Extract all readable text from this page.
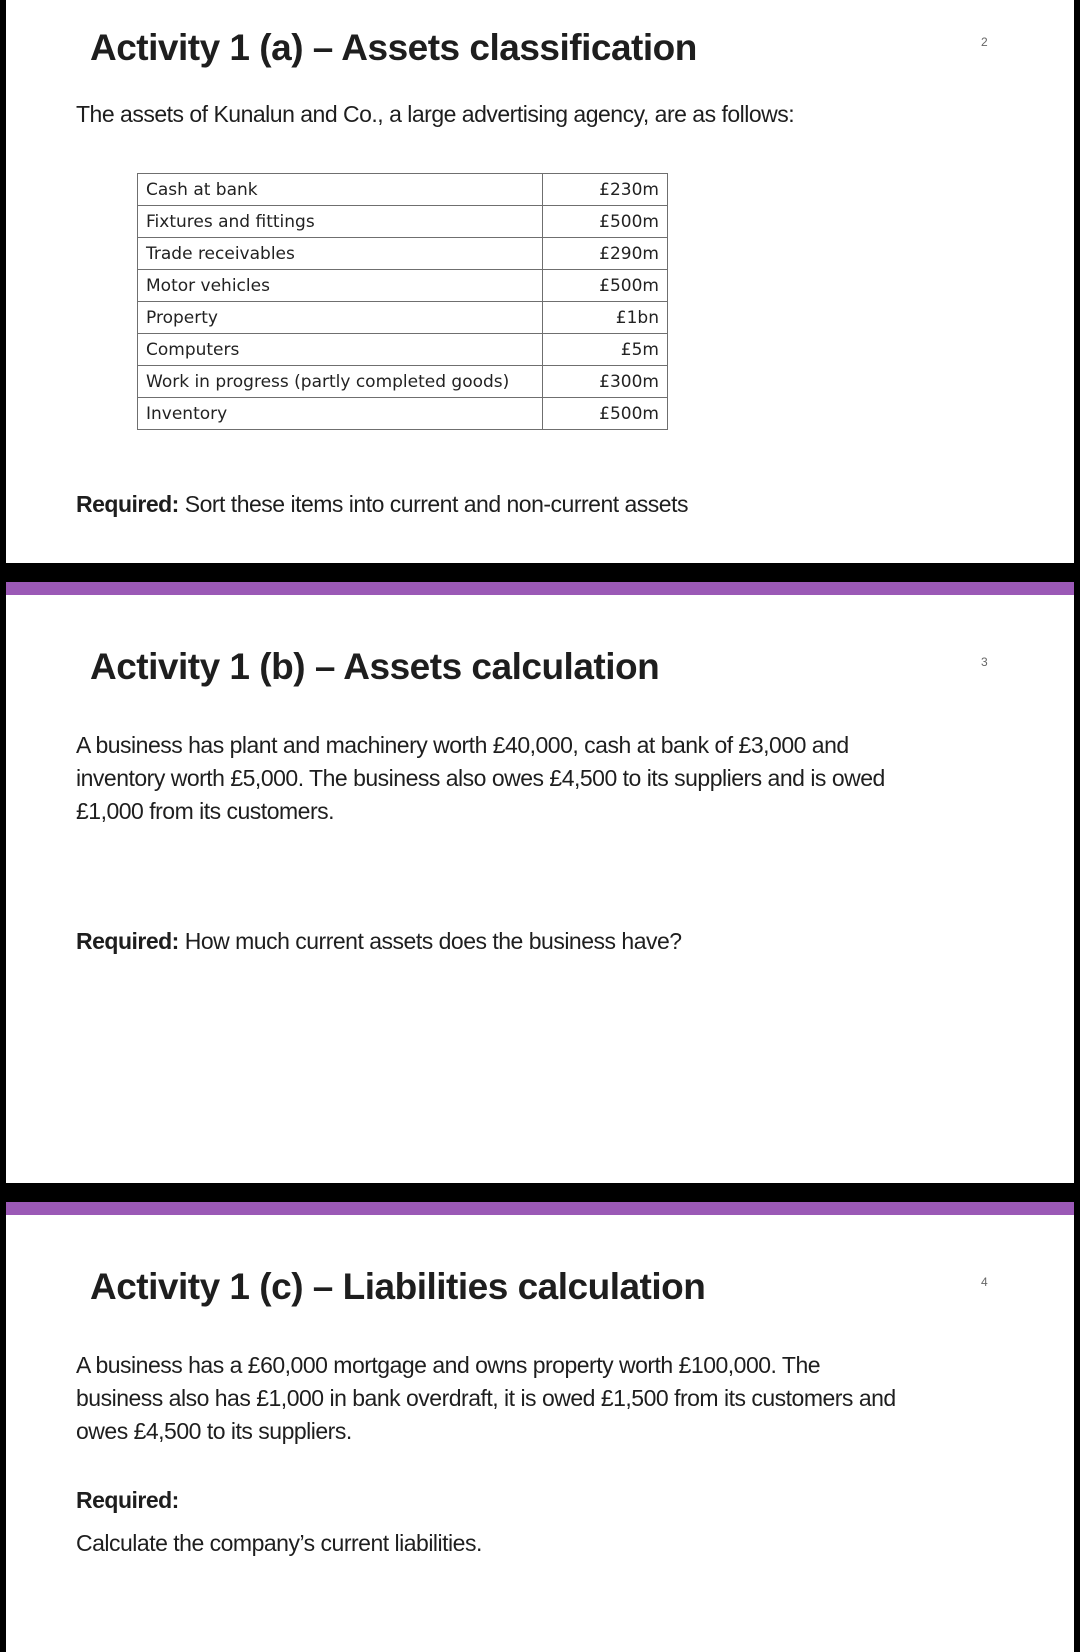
Activity 1 (a) – Assets classification	2

The assets of Kunalun and Co., a large advertising agency, are as follows:

Cash at bank	£230m
Fixtures and fittings	£500m
Trade receivables	£290m
Motor vehicles	£500m
Property	£1bn
Computers	£5m
Work in progress (partly completed goods)	£300m
Inventory	£500m

Required: Sort these items into current and non-current assets

Activity 1 (b) – Assets calculation	3

A business has plant and machinery worth £40,000, cash at bank of £3,000 and

inventory worth £5,000. The business also owes £4,500 to its suppliers and is owed

£1,000 from its customers.

Required: How much current assets does the business have?

Activity 1 (c) – Liabilities calculation	4

A business has a £60,000 mortgage and owns property worth £100,000. The

business also has £1,000 in bank overdraft, it is owed £1,500 from its customers and

owes £4,500 to its suppliers.

Required:

Calculate the company’s current liabilities.
